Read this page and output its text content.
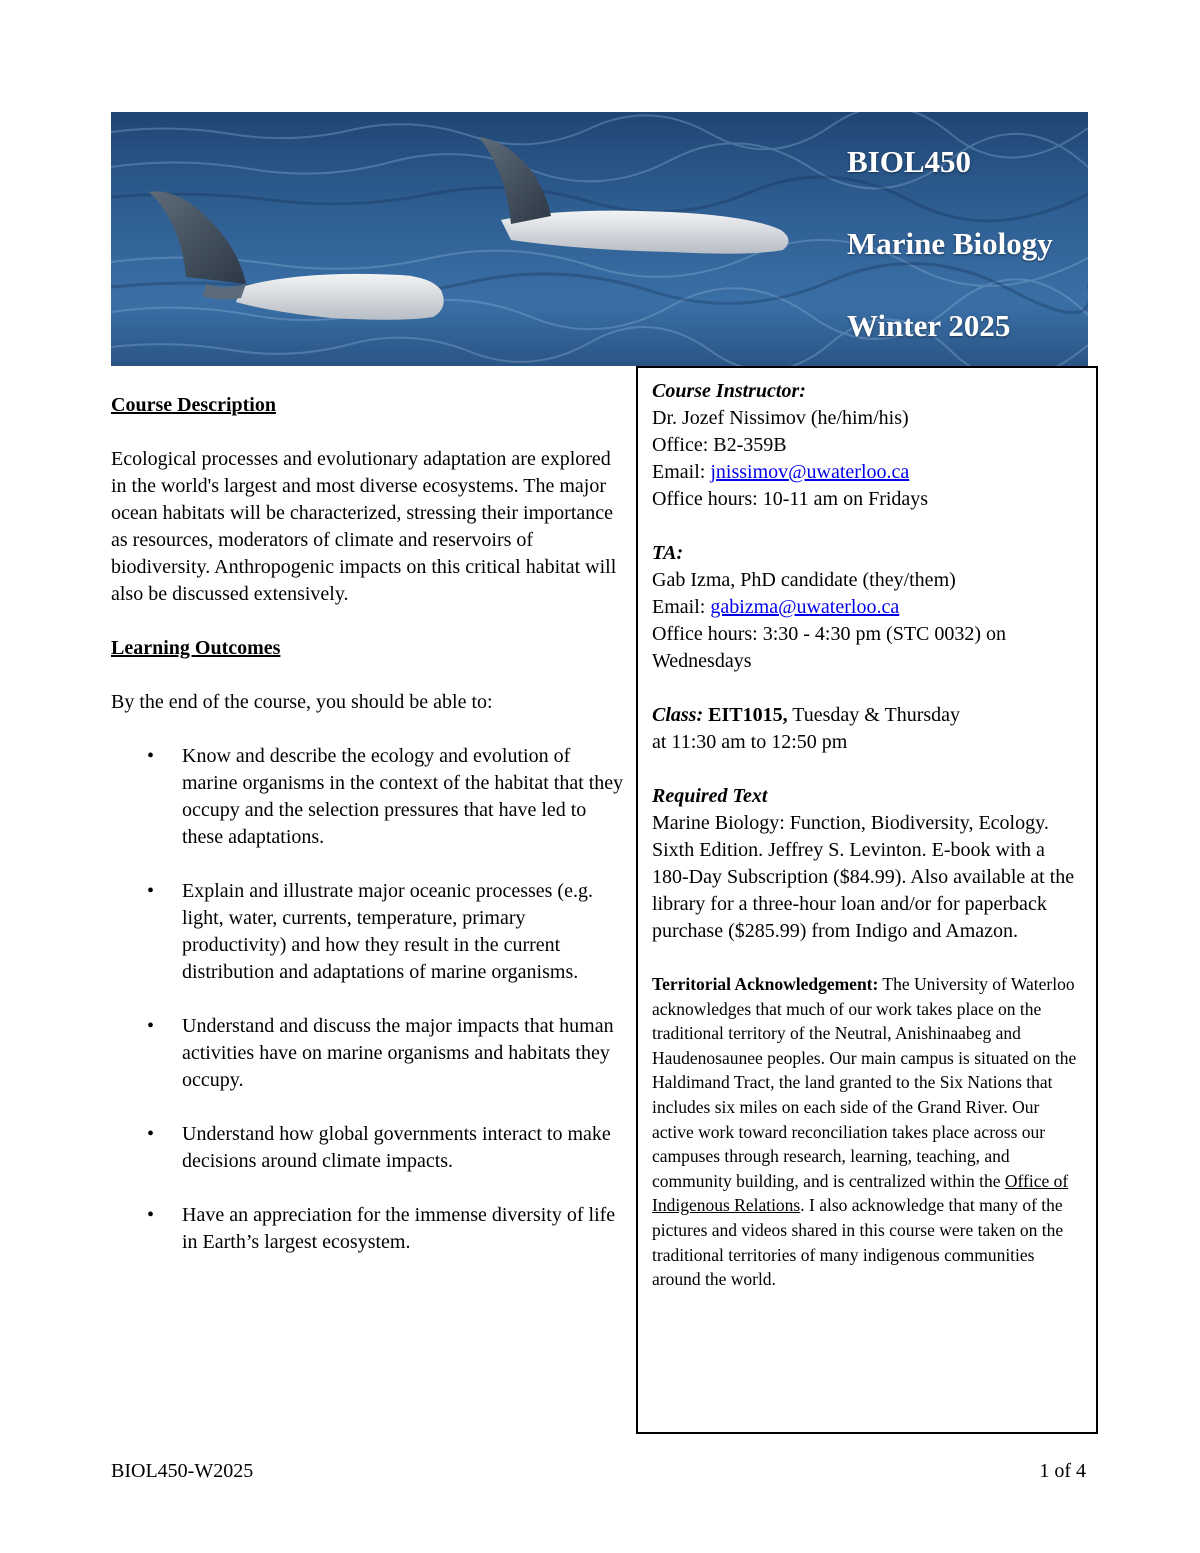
BIOL450
Marine Biology
Winter 2025

Course Description

Ecological processes and evolutionary adaptation are explored in the world's largest and most diverse ecosystems. The major ocean habitats will be characterized, stressing their importance as resources, moderators of climate and reservoirs of biodiversity. Anthropogenic impacts on this critical habitat will also be discussed extensively.

Learning Outcomes

By the end of the course, you should be able to:

• Know and describe the ecology and evolution of marine organisms in the context of the habitat that they occupy and the selection pressures that have led to these adaptations.
• Explain and illustrate major oceanic processes (e.g. light, water, currents, temperature, primary productivity) and how they result in the current distribution and adaptations of marine organisms.
• Understand and discuss the major impacts that human activities have on marine organisms and habitats they occupy.
• Understand how global governments interact to make decisions around climate impacts.
• Have an appreciation for the immense diversity of life in Earth’s largest ecosystem.

Course Instructor:

Dr. Jozef Nissimov (he/him/his)

Office: B2-359B

Email: jnissimov@uwaterloo.ca

Office hours: 10-11 am on Fridays

TA:

Gab Izma, PhD candidate (they/them)

Email: gabizma@uwaterloo.ca

Office hours: 3:30 - 4:30 pm (STC 0032) on Wednesdays

Class: EIT1015, Tuesday & Thursday

at 11:30 am to 12:50 pm

Required Text

Marine Biology: Function, Biodiversity, Ecology. Sixth Edition. Jeffrey S. Levinton. E-book with a 180-Day Subscription ($84.99). Also available at the library for a three-hour loan and/or for paperback purchase ($285.99) from Indigo and Amazon.

Territorial Acknowledgement: The University of Waterloo acknowledges that much of our work takes place on the traditional territory of the Neutral, Anishinaabeg and Haudenosaunee peoples. Our main campus is situated on the Haldimand Tract, the land granted to the Six Nations that includes six miles on each side of the Grand River. Our active work toward reconciliation takes place across our campuses through research, learning, teaching, and community building, and is centralized within the Office of Indigenous Relations. I also acknowledge that many of the pictures and videos shared in this course were taken on the traditional territories of many indigenous communities around the world.

BIOL450-W2025	1 of 4
